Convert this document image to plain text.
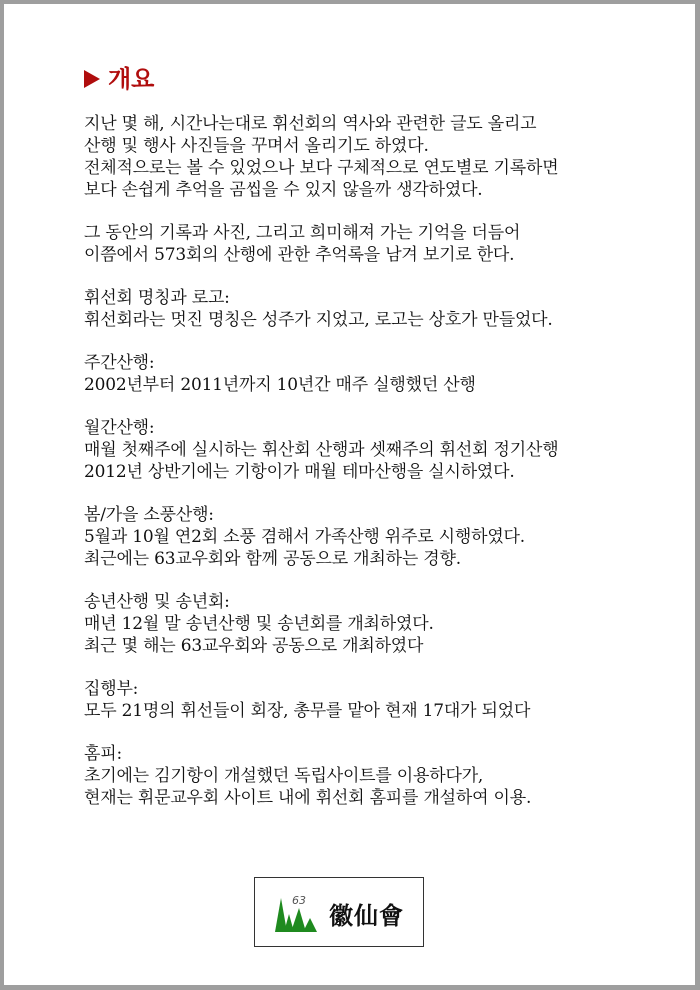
개요
지난 몇 해, 시간나는대로 휘선회의 역사와 관련한 글도 올리고
산행 및 행사 사진들을 꾸며서 올리기도 하였다.
전체적으로는 볼 수 있었으나 보다 구체적으로 연도별로 기록하면
보다 손쉽게 추억을 곰씹을 수 있지 않을까 생각하였다.
그 동안의 기록과 사진, 그리고 희미해져 가는 기억을 더듬어
이쯤에서 573회의 산행에 관한 추억록을 남겨 보기로 한다.
휘선회 명칭과 로고:
휘선회라는 멋진 명칭은 성주가 지었고, 로고는 상호가 만들었다.
주간산행:
2002년부터 2011년까지 10년간 매주 실행했던 산행
월간산행:
매월 첫째주에 실시하는 휘산회 산행과 셋째주의 휘선회 정기산행
2012년 상반기에는 기항이가 매월 테마산행을 실시하였다.
봄/가을 소풍산행:
5월과 10월 연2회 소풍 겸해서 가족산행 위주로 시행하였다.
최근에는 63교우회와 함께 공동으로 개최하는 경향.
송년산행 및 송년회:
매년 12월 말 송년산행 및 송년회를 개최하였다.
최근 몇 해는 63교우회와 공동으로 개최하였다
집행부:
모두 21명의 휘선들이 회장, 총무를 맡아 현재 17대가 되었다
홈피:
초기에는 김기항이 개설했던 독립사이트를 이용하다가,
현재는 휘문교우회 사이트 내에 휘선회 홈피를 개설하여 이용.
63
徽仙會
